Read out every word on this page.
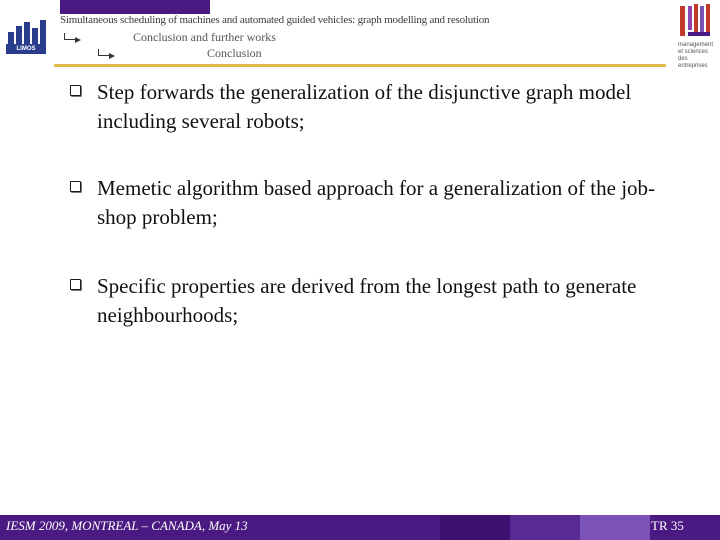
LIMOS
Simultaneous scheduling of machines and automated guided vehicles: graph modelling and resolution
Conclusion and further works
Conclusion
management et sciences des entreprises
Step forwards the generalization of the disjunctive graph model including several robots;
Memetic algorithm based approach for a generalization of the job-shop problem;
Specific properties are derived from the longest path to generate neighbourhoods;
IESM 2009, MONTREAL – CANADA, May 13	TR 35
